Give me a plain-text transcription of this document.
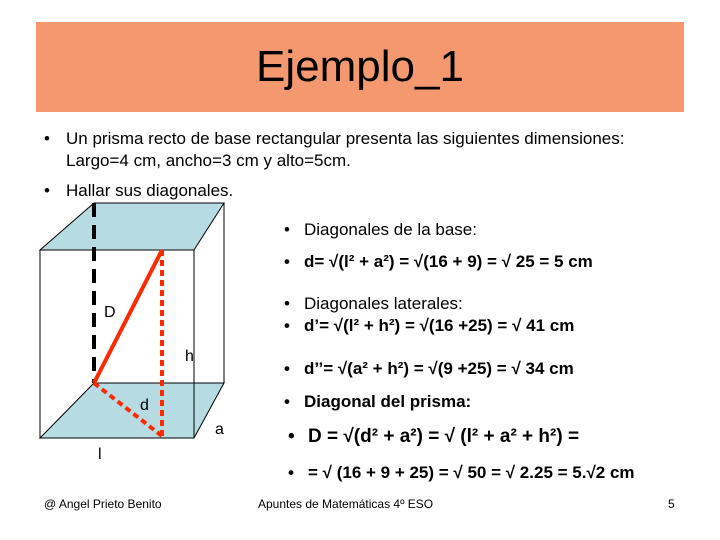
Ejemplo_1
• Un prisma recto de base rectangular presenta las siguientes dimensiones:
Largo=4 cm, ancho=3 cm y alto=5cm.
• Hallar sus diagonales.
D
h
d
a
l
• Diagonales de la base:
• d= √(l² + a²) = √(16 + 9) = √ 25 = 5 cm
• Diagonales laterales:
• d’= √(l² + h²) = √(16 +25) = √ 41 cm
• d’’= √(a² + h²) = √(9 +25) = √ 34 cm
• Diagonal del prisma:
• D = √(d² + a²) = √ (l² + a² + h²) =
• = √ (16 + 9 + 25) = √ 50 = √ 2.25 = 5.√2 cm
@ Angel Prieto Benito	Apuntes de Matemáticas 4º ESO	5
